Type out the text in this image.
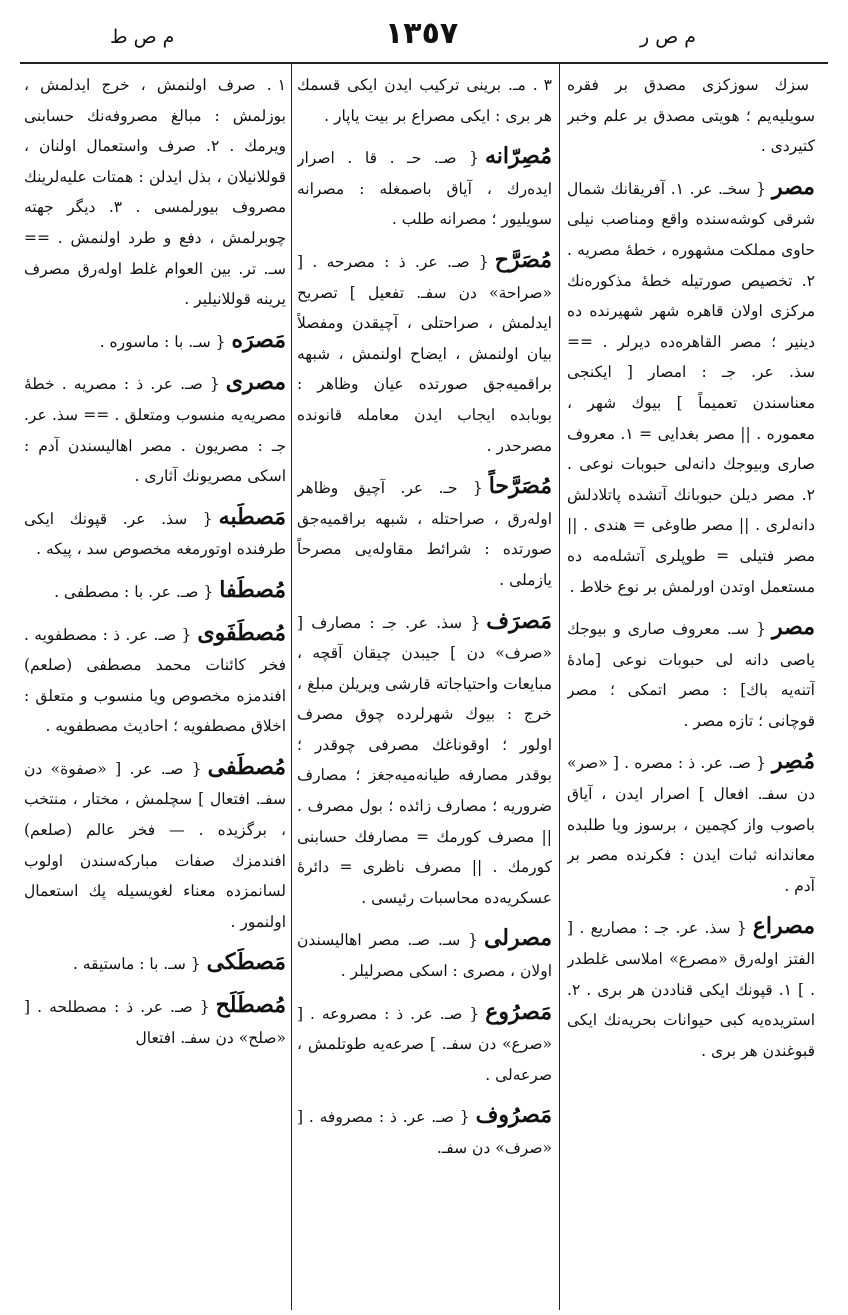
م ص ط	١٣٥٧	م ص ر
سزك سوزكزى مصدق بر فقره سويليه‌يم ؛ هويتى مصدق بر علم وخبر كتيردى .
مصر{ سخـ. عر. ١. آفريقانك شمال شرقى كوشه‌سنده واقع ومناصب نيلى حاوى مملكت مشهوره ، خطهٔ مصريه . ٢. تخصيص صورتيله خطهٔ مذكوره‌نك مركزى اولان قاهره شهر شهيرنده ده دينير ؛ مصر القاهره‌ده ديرلر . == سذ. عر. جـ : امصار [ ايكنجى معناسندن تعميماً ] بيوك شهر ، معموره . || مصر بغدايى = ١. معروف صارى وبيوجك دانه‌لى حبوبات نوعى . ٢. مصر ديلن حبوبانك آتشده پاتلادلش دانه‌لرى . || مصر طاوغى = هندى . || مصر فتيلى = طوپلرى آتشله‌مه ده مستعمل اوتدن اورلمش بر نوع خلاط .
مصر{ سـ. معروف صارى و بيوجك ياصى دانه لى حبوبات نوعى [مادهٔ آتنه‌يه باك] : مصر اتمكى ؛ مصر قوچانى ؛ تازه مصر .
مُصِر{ صـ. عر. ذ : مصره . [ «صر» دن سفـ. افعال ] اصرار ايدن ، آياق باصوب واز كچمين ، برسوز ويا طلبده معاندانه ثبات ايدن : فكرنده مصر بر آدم .
مصراع{ سذ. عر. جـ : مصاريع . [ الفتز اوله‌رق «مصرع» املاسى غلطدر . ] ١. قپونك ايكى قناددن هر برى . ٢. استريده‌يه كبى حيوانات بحريه‌نك ايكى قبوغندن هر برى .
٣. مـ. برينى تركيب ايدن ايكى قسمك هر برى : ايكى مصراع بر بيت ياپار .
مُصِرّانه{ صـ. حـ . قا . اصرار ايده‌رك ، آياق باصمغله : مصرانه سويليور ؛ مصرانه طلب .
مُصَرَّح{ صـ. عر. ذ : مصرحه . [ «صراحة» دن سفـ. تفعيل ] تصريح ايدلمش ، صراحتلى ، آچيقدن ومفصلاً بيان اولنمش ، ايضاح اولنمش ، شبهه براقميه‌جق صورتده عيان وظاهر : بوبابده ايجاب ايدن معامله قانونده مصرحدر .
مُصَرَّحاً{ حـ. عر. آچيق وظاهر اوله‌رق ، صراحتله ، شبهه براقميه‌جق صورتده : شرائط مقاوله‌يى مصرحاً يازملى .
مَصرَف{ سذ. عر. جـ : مصارف [ «صرف» دن ] جيبدن چيقان آقچه ، مبايعات واحتياجاته قارشى ويريلن مبلغ ، خرج : بيوك شهرلرده چوق مصرف اولور ؛ اوقوناغك مصرفى چوقدر ؛ بوقدر مصارفه طيانه‌ميه‌جغز ؛ مصارف ضروريه ؛ مصارف زائده ؛ بول مصرف . || مصرف كورمك = مصارفك حسابنى كورمك . || مصرف ناظرى = دائرهٔ عسكريه‌ده محاسبات رئيسى .
مصرلى{ سـ. صـ. مصر اهاليسندن اولان ، مصرى : اسكى مصرليلر .
مَصرُوع{ صـ. عر. ذ : مصروعه . [ «صرع» دن سفـ. ] صرعه‌يه طوتلمش ، صرعه‌لى .
مَصرُوف{ صـ. عر. ذ : مصروفه . [ «صرف» دن سفـ.
١. صرف اولنمش ، خرج ايدلمش ، بوزلمش : مبالغ مصروفه‌نك حسابنى ويرمك . ٢. صرف واستعمال اولنان ، قوللانيلان ، بذل ايدلن : همتات عليه‌لرينك مصروف بيورلمسى . ٣. ديگر جهته چوبرلمش ، دفع و طرد اولنمش . == سـ. تر. بين العوام غلط اوله‌رق مصرف يرينه قوللانيلير .
مَصرَه{ سـ. با : ماسوره .
مصرى{ صـ. عر. ذ : مصريه . خطهٔ مصريه‌يه منسوب ومتعلق . == سذ. عر. جـ : مصريون . مصر اهاليسندن آدم : اسكى مصريونك آثارى .
مَصطَبه{ سذ. عر. قپونك ايكى طرفنده اوتورمغه مخصوص سد ، پيكه .
مُصطَفا{ صـ. عر. با : مصطفى .
مُصطَفَوى{ صـ. عر. ذ : مصطفويه . فخر كائنات محمد مصطفى (صلعم) افندمزه مخصوص ويا منسوب و متعلق : اخلاق مصطفويه ؛ احاديث مصطفويه .
مُصطَفى{ صـ. عر. [ «صفوة» دن سفـ. افتعال ] سچلمش ، مختار ، منتخب ، برگزيده . — فخر عالم (صلعم) افندمزك صفات مباركه‌سندن اولوب لسانمزده معناء لغويسيله پك استعمال اولنمور .
مَصطَكى{ سـ. با : ماستيقه .
مُصطَلَح{ صـ. عر. ذ : مصطلحه . [ «صلح» دن سفـ. افتعال
